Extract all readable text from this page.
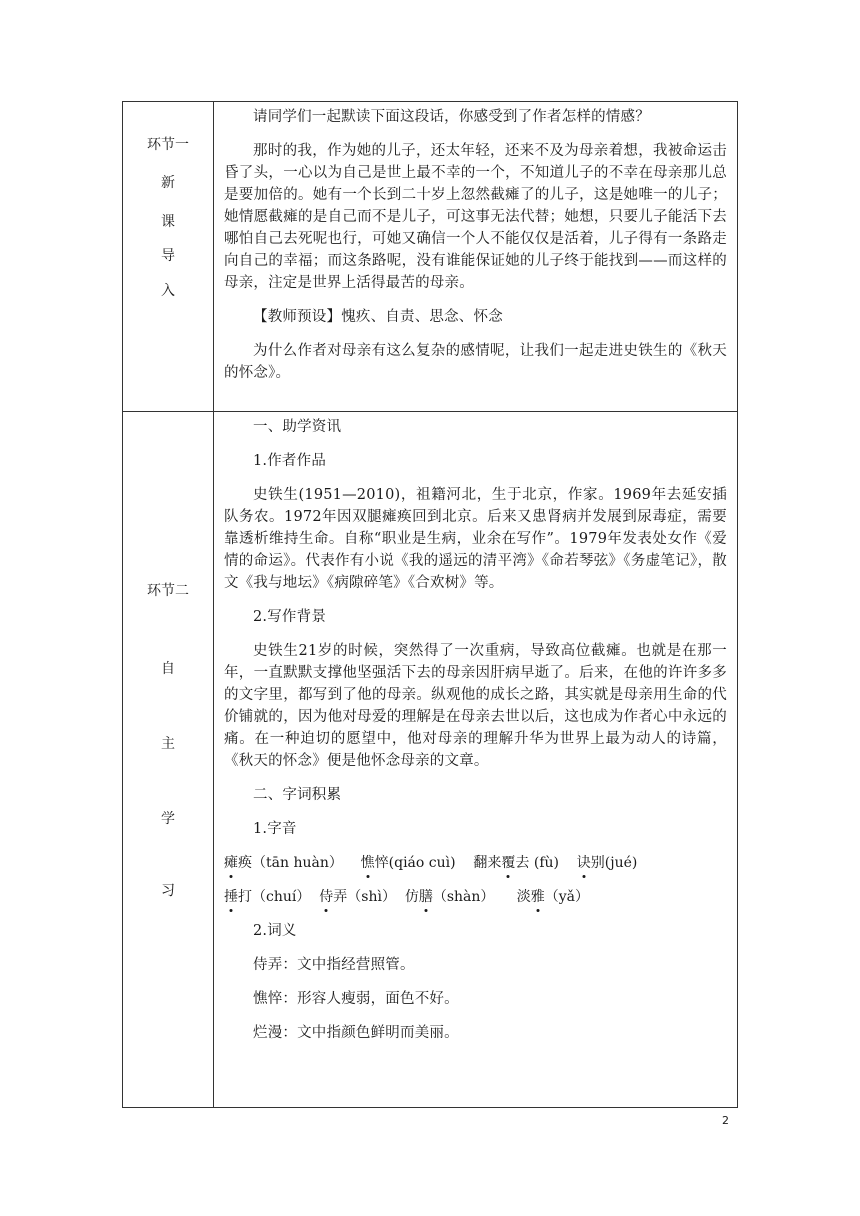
环节一
新
课
导
入

请同学们一起默读下面这段话，你感受到了作者怎样的情感？

那时的我，作为她的儿子，还太年轻，还来不及为母亲着想，我被命运击昏了头，一心以为自己是世上最不幸的一个，不知道儿子的不幸在母亲那儿总是要加倍的。她有一个长到二十岁上忽然截瘫了的儿子，这是她唯一的儿子；她情愿截瘫的是自己而不是儿子，可这事无法代替；她想，只要儿子能活下去哪怕自己去死呢也行，可她又确信一个人不能仅仅是活着，儿子得有一条路走向自己的幸福；而这条路呢，没有谁能保证她的儿子终于能找到——而这样的母亲，注定是世界上活得最苦的母亲。

【教师预设】愧疚、自责、思念、怀念

为什么作者对母亲有这么复杂的感情呢，让我们一起走进史铁生的《秋天的怀念》。

环节二
自
主
学
习

一、助学资讯

1.作者作品

史铁生(1951—2010)，祖籍河北，生于北京，作家。1969年去延安插队务农。1972年因双腿瘫痪回到北京。后来又患肾病并发展到尿毒症，需要靠透析维持生命。自称“职业是生病，业余在写作”。1979年发表处女作《爱情的命运》。代表作有小说《我的遥远的清平湾》《命若琴弦》《务虚笔记》，散文《我与地坛》《病隙碎笔》《合欢树》等。

2.写作背景

史铁生21岁的时候，突然得了一次重病，导致高位截瘫。也就是在那一年，一直默默支撑他坚强活下去的母亲因肝病早逝了。后来，在他的许许多多的文字里，都写到了他的母亲。纵观他的成长之路，其实就是母亲用生命的代价铺就的，因为他对母爱的理解是在母亲去世以后，这也成为作者心中永远的痛。在一种迫切的愿望中，他对母亲的理解升华为世界上最为动人的诗篇，《秋天的怀念》便是他怀念母亲的文章。

二、字词积累

1.字音

瘫痪（tān huàn） 憔悴(qiáo cuì) 翻来覆去 (fù) 诀别(jué)

捶打（chuí） 侍弄（shì） 仿膳（shàn） 淡雅（yǎ）

2.词义

侍弄：文中指经营照管。

憔悴：形容人瘦弱，面色不好。

烂漫：文中指颜色鲜明而美丽。

2
